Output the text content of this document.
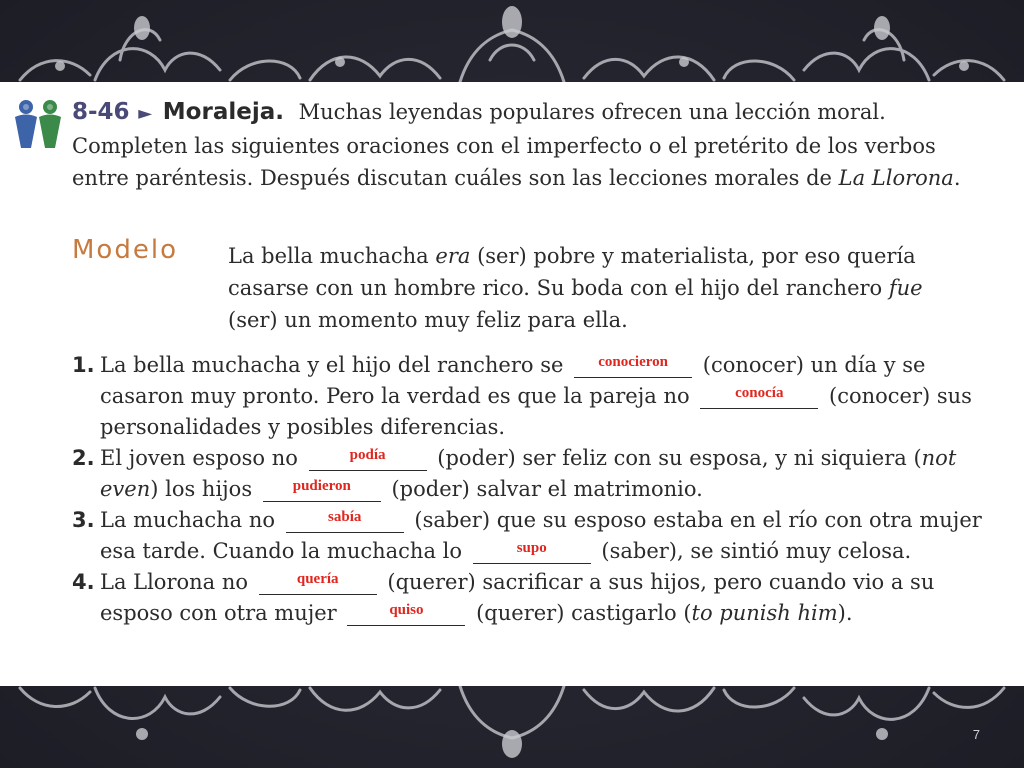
8-46 ► Moraleja. Muchas leyendas populares ofrecen una lección moral. Completen las siguientes oraciones con el imperfecto o el pretérito de los verbos entre paréntesis. Después discutan cuáles son las lecciones morales de La Llorona.
Modelo La bella muchacha era (ser) pobre y materialista, por eso quería casarse con un hombre rico. Su boda con el hijo del ranchero fue (ser) un momento muy feliz para ella.
1. La bella muchacha y el hijo del ranchero se $^{conocieron}$ (conocer) un día y se casaron muy pronto. Pero la verdad es que la pareja no	$^{conocía}$ (conocer) sus personalidades y posibles diferencias.
2. El joven esposo no	$^{podía}$ (poder) ser feliz con su esposa, y ni siquiera (not even) los hijos	$^{pudieron}$ (poder) salvar el matrimonio.
3. La muchacha no	$^{sabía}$	(saber) que su esposo estaba en el río con otra mujer esa tarde. Cuando la muchacha lo	$^{supo}$	(saber), se sintió muy celosa.
4. La Llorona no	$^{quería}$ (querer) sacrificar a sus hijos, pero cuando vio a su esposo con otra mujer	$^{quiso}$	(querer) castigarlo (to punish him).
7
